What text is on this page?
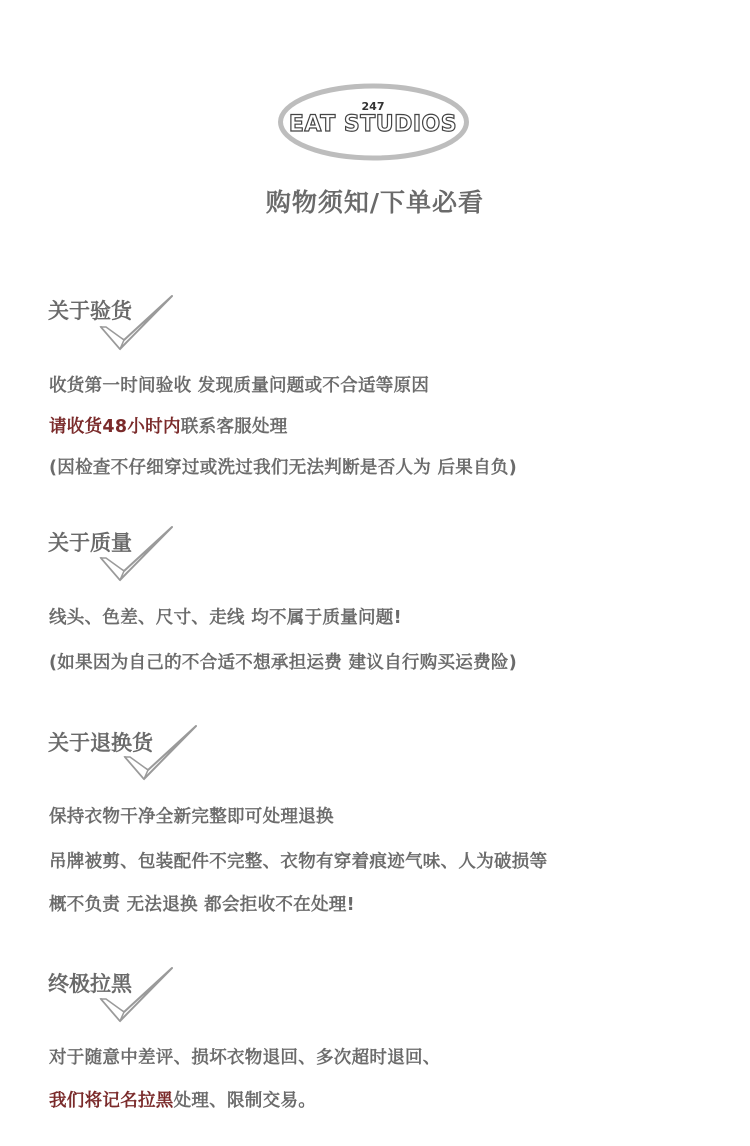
247
EAT STUDIOS
购物须知/下单必看
关于验货
收货第一时间验收 发现质量问题或不合适等原因
请收货48小时内联系客服处理
(因检查不仔细穿过或洗过我们无法判断是否人为 后果自负)
关于质量
线头、色差、尺寸、走线 均不属于质量问题!
(如果因为自己的不合适不想承担运费 建议自行购买运费险)
关于退换货
保持衣物干净全新完整即可处理退换
吊牌被剪、包装配件不完整、衣物有穿着痕迹气味、人为破损等
概不负责 无法退换 都会拒收不在处理!
终极拉黑
对于随意中差评、损坏衣物退回、多次超时退回、
我们将记名拉黑处理、限制交易。
